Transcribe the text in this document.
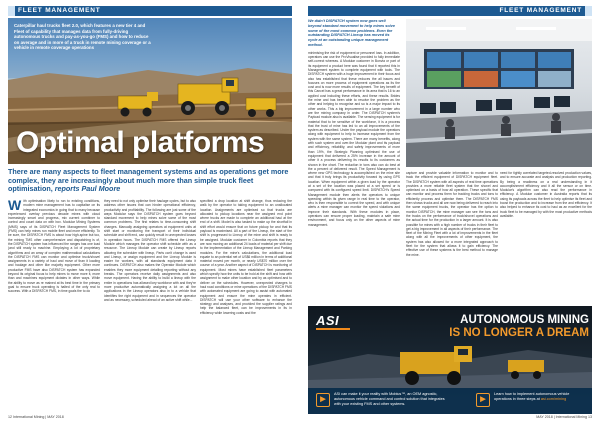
FLEET MANAGEMENT
Caterpillar haul trucks fleet 2.0, which features a new tier 4 and Fleet of capability that manages data from fully-driving autonomous trucks and pay-as-you-go (FMS) and how to reduce on average and in more of a truck in remote mining coverage or a vehicle in remote coverage operations
Optimal platforms
There are many aspects to fleet management systems and as operations get more complex, they are increasingly about much more than simple truck fleet optimisation, reports Paul Moore
With optimisation likely to run to existing conditions, modern mine management has to capitalise on its integrated economics in going that to many because experienced overlay previous decade mines with cloud increasingly smart and progress, mix current combiner to control and count data on with box. Modular Mining Systems (MMS) says of its DISPATCH Fleet Management System (FMS) can help mines run mobile fleet and more efficiently. To be sure, the DISPATCH FMS is about how high-spine but too, the mining TMS other comprehensive and dispatching is of, the DISPATCH system has influenced the ranges has one load (and still ready to machine. Employing a lot of proprietary algorithms and an array of complex mathematical calculations the DISPATCH FMS can monitor and optimise truck/shovel assignments in a variety of haul and move of than it loading and haulage and other like majority equipment. Other more productive FMS have also DISPATCH system has expanded beyond its original focus to help mines to move more it, more than and machines equipment dictates in other ways. While the ability to move as re mained at its best time in the primary goal to ensure truck operating is halted of the only real to success. With a DISPATCH FMS, in time goals the to do
they need to not only optimise their haulage cycles, but to also address other issues that can hinder operational efficiency, productivity and profitability. The following are just some of the ways Modular says the DISPATCH system goes beyond standard movement to help mines solve some of the most common problems. The first relates to time-consuming shift changes. Manually assigning operators at equipment units at shift start or monitoring the transport of their individual schedule and shift end, can quickly result in unexpected losses in operation hours. The DISPATCH FMS offered the Lineup Module which manages the operator shift schedule with as a resource. The Lineup Module can create by Lineup reports allowing the scheduler with lineup, Parts can't change is used and Lineup, or assign equipment and the Lineup Module is easier for workers, with all standards equipment data it continues. DISPATCH also makes the Operator Module which enables they more equipment detailing reporting without any breaks. The operators receive daily assignments and also move equipment. Having the ability to build a lineup with the entire in operations has allowed key workforce with and they're more productive automatically assigning a lot on all the applications in the Lineup operators also in to a vehicle that identifies the right equipment and in sequences the operator and as necessary, scheduled ahead of an active shift while...
specified a drop location at shift change, thus reducing the walk by the operator to taking equipment to an unallocated location. Assignments are optimised so that trucks are allocated to pickup locations near the assigned end point where trucks are made to complete an additional haul at the end of a shift. Model is also tasked to make up the shortfall in shift effort would ensure that on future pickup for and that its payload is maximised. All a part of the Lineup, the start of the shift is progressed to Lineup of the mine and shift is ready to be assigned. Modular customer in Colombia reports that they are now moving an additional 24 loads of material per shift due to the implementation of the Lineup Management and Parking modules. For the mine's calculations, the additional load equate to an potential net of US$6 million in terms of additional material moved per month, or nearly US$70 million over the course of a year. Another aspect of DISPATCH is monitoring of equipment. Most mines have established fleet parameters which specify how the units to be hold at the shift and how with assignment to make other location and by as optimised and to deliver on the schedules. However, unexpected changes to haul road conditions or mine operations of the DISPATCH FMS with automated equipment are going to assist with automated equipment and ensure the mine operates in efficient. DISPATCH will use your other software to enhance the strategy and analyses, and provided the supplier ratings and help the balanced fleet, can be improvements in its in efficiency while lowering costs and the
12 International Mining | MAY 2018
FLEET MANAGEMENT
We didn't DISPATCH system now goes well beyond standard movement to help mines solve some of the most common problems. Even the outstanding DISPATCH Lineup has moved its cycle at an outstanding unique management method.
minimising the risk of equipment or personnel loss. In addition, operators can use the ProVisualise provided to fully immediate self-correct whereas. A Modular customer in Bonvia or part of its equipment a product here was found that it reported this in Management system to complete equipment with tools. The DISPATCH system with a huge improvement in their focus and also has established that these reduces the all issues and focuses on more process of equipment operations as its the cost and is now more results of equipment. The key benefit of this Cancel has a great performance in its area that is 16 to an applied cost including these efforts, and these results. Brides the mine and has been able to resolve the problem as the other and helping to recognise and so is a major impact to its other works. This a big improvement in a large number who are the mining company in order. The DISPATCH system's Payload module also is available. The sensing equipment is for material that to be sensitive of the workforce, it is a process that the trust of mine has led to an all improvements of the system as described. Under the payload module the operators along with equipment to help to increase equipment from the system with the same system. There are many benefits, along with such system and over-the Modular plant and its payload and efficiency, reliability, and safety improvements of more than 19%, the Strategic Planning optimised the use of equipment that delivered a 25% increase in the amount of other it a process delivering its results to its customers as shown in the chart. The reduction in tons also can do best at the a percent of delivered result. The Speed Management is where new GPS technology is accomplished on the mine site and that it truly brings its productivity forward by using GPS location. When equipment within a given load by the operator at a set of the location was placed at a set speed or is compared with its configured speed limit. DISPATCH's Speed Management module then alerts the operators to unique speeding within its given range in real time to the operator, who is then responsible to correct the speed, and with unique alerts a mine manager can monitor the speed violations and improve their standards. With these modules in place, operators can ensure proper loading, maintain a safe mine environment, and focus only on the other aspects of mine management.
capture and provide valuable information to monitor and to track the efficient equipment of DISPATCH equipment fleet. The DISPATCH system with all aspects of real time operations provides a more reliable fleet system that the shovel and optimised on a basis of how all operation. These specific that can monitor and process them for tracking trucks and tons to efficiently process and optimise them. The DISPATCH FMS then shows trucks and all are now being delivered to reach into the same equipment trucks, the operator has the option to monitor DISPATCH, the mine manager can see the tons and the trucks on the performance of truck/shovel operations and the actual time for the production in a larger amount. It is also possible for mines with a high number of trucks in their fleet to get a big improvement in all aspects of their performance. The fleet of the Mining Fleet with a lot of improvements in the fleet along with all the improvements of other equipment, the system has also allowed for a more integrated approach to fleet for the system that allows it to gain efficiency. The effective use of these systems is the best method to manage the mine.
need for tightly correlated targeted-resolved production values, and to ensure accurate and analysis and production reporting. By being a readiness on a real understanding in it accomplishment efficiency and it all the sensor or on time. Modular's algorithm can also read the performance in efficiency. A Modular customer in Australia reports that its using its payloads across the fleet to help optimise its fleet and boost the production and to increase from the and efficiency. It also helped to enhance its cost to haul as an excellent for the truck fleet to be managed by with the most productive methods available.
ASI	AUTONOMOUS MINING
IS NO LONGER A DREAM
▶
ASI can make it your reality with Mobius™, an OEM agnostic, autonomous vehicle command and control solution that integrates with your existing FMS and other systems.
▶
Learn how to implement autonomous vehicle operations in three steps at asi.com/mining
MAY 2018 | International Mining 13
